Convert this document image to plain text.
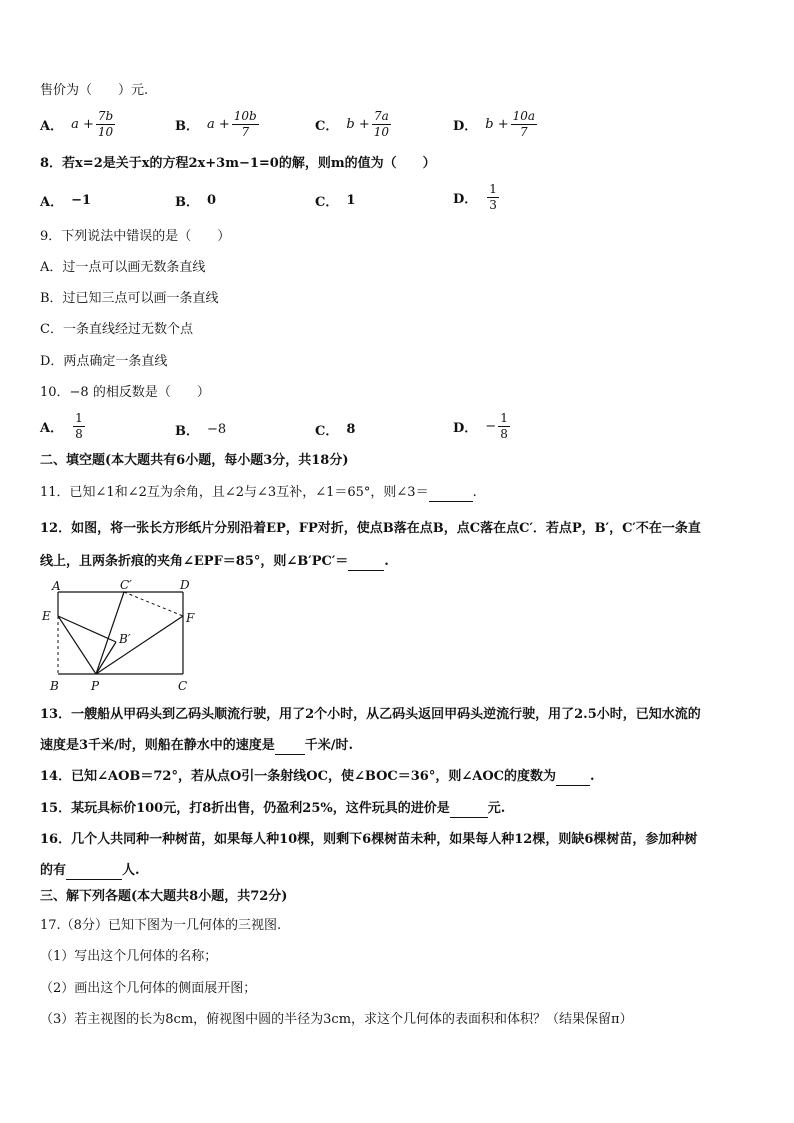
售价为（　　）元.
A． $a + \frac{7b}{10}$	B． $a + \frac{10b}{7}$	C． $b + \frac{7a}{10}$	D． $b + \frac{10a}{7}$
8．若x=2是关于x的方程2x+3m−1=0的解，则m的值为（　　）
A． −1	B． 0	C． 1	D． $\frac{1}{3}$
9．下列说法中错误的是（　　）
A．过一点可以画无数条直线
B．过已知三点可以画一条直线
C．一条直线经过无数个点
D．两点确定一条直线
10．−8 的相反数是（　　）
A． $\frac{1}{8}$	B． −8	C． 8	D． − $\frac{1}{8}$
二、填空题(本大题共有6小题，每小题3分，共18分)
11．已知∠1和∠2互为余角，且∠2与∠3互补，∠1＝65°，则∠3＝	.
12．如图，将一张长方形纸片分别沿着EP，FP对折，使点B落在点B，点C落在点C′．若点P，B′，C′不在一条直
线上，且两条折痕的夹角∠EPF＝85°，则∠B′PC′＝	.
A	C′	D
E	F
B′
B	P	C
13．一艘船从甲码头到乙码头顺流行驶，用了2个小时，从乙码头返回甲码头逆流行驶，用了2.5小时，已知水流的
速度是3千米/时，则船在静水中的速度是 千米/时.
14．已知∠AOB＝72°，若从点O引一条射线OC，使∠BOC＝36°，则∠AOC的度数为	.
15．某玩具标价100元，打8折出售，仍盈利25%，这件玩具的进价是	元.
16．几个人共同种一种树苗，如果每人种10棵，则剩下6棵树苗未种，如果每人种12棵，则缺6棵树苗，参加种树
的有	人.
三、解下列各题(本大题共8小题，共72分)
17.（8分）已知下图为一几何体的三视图.
（1）写出这个几何体的名称；
（2）画出这个几何体的侧面展开图；
（3）若主视图的长为8cm，俯视图中圆的半径为3cm，求这个几何体的表面积和体积？（结果保留π）
